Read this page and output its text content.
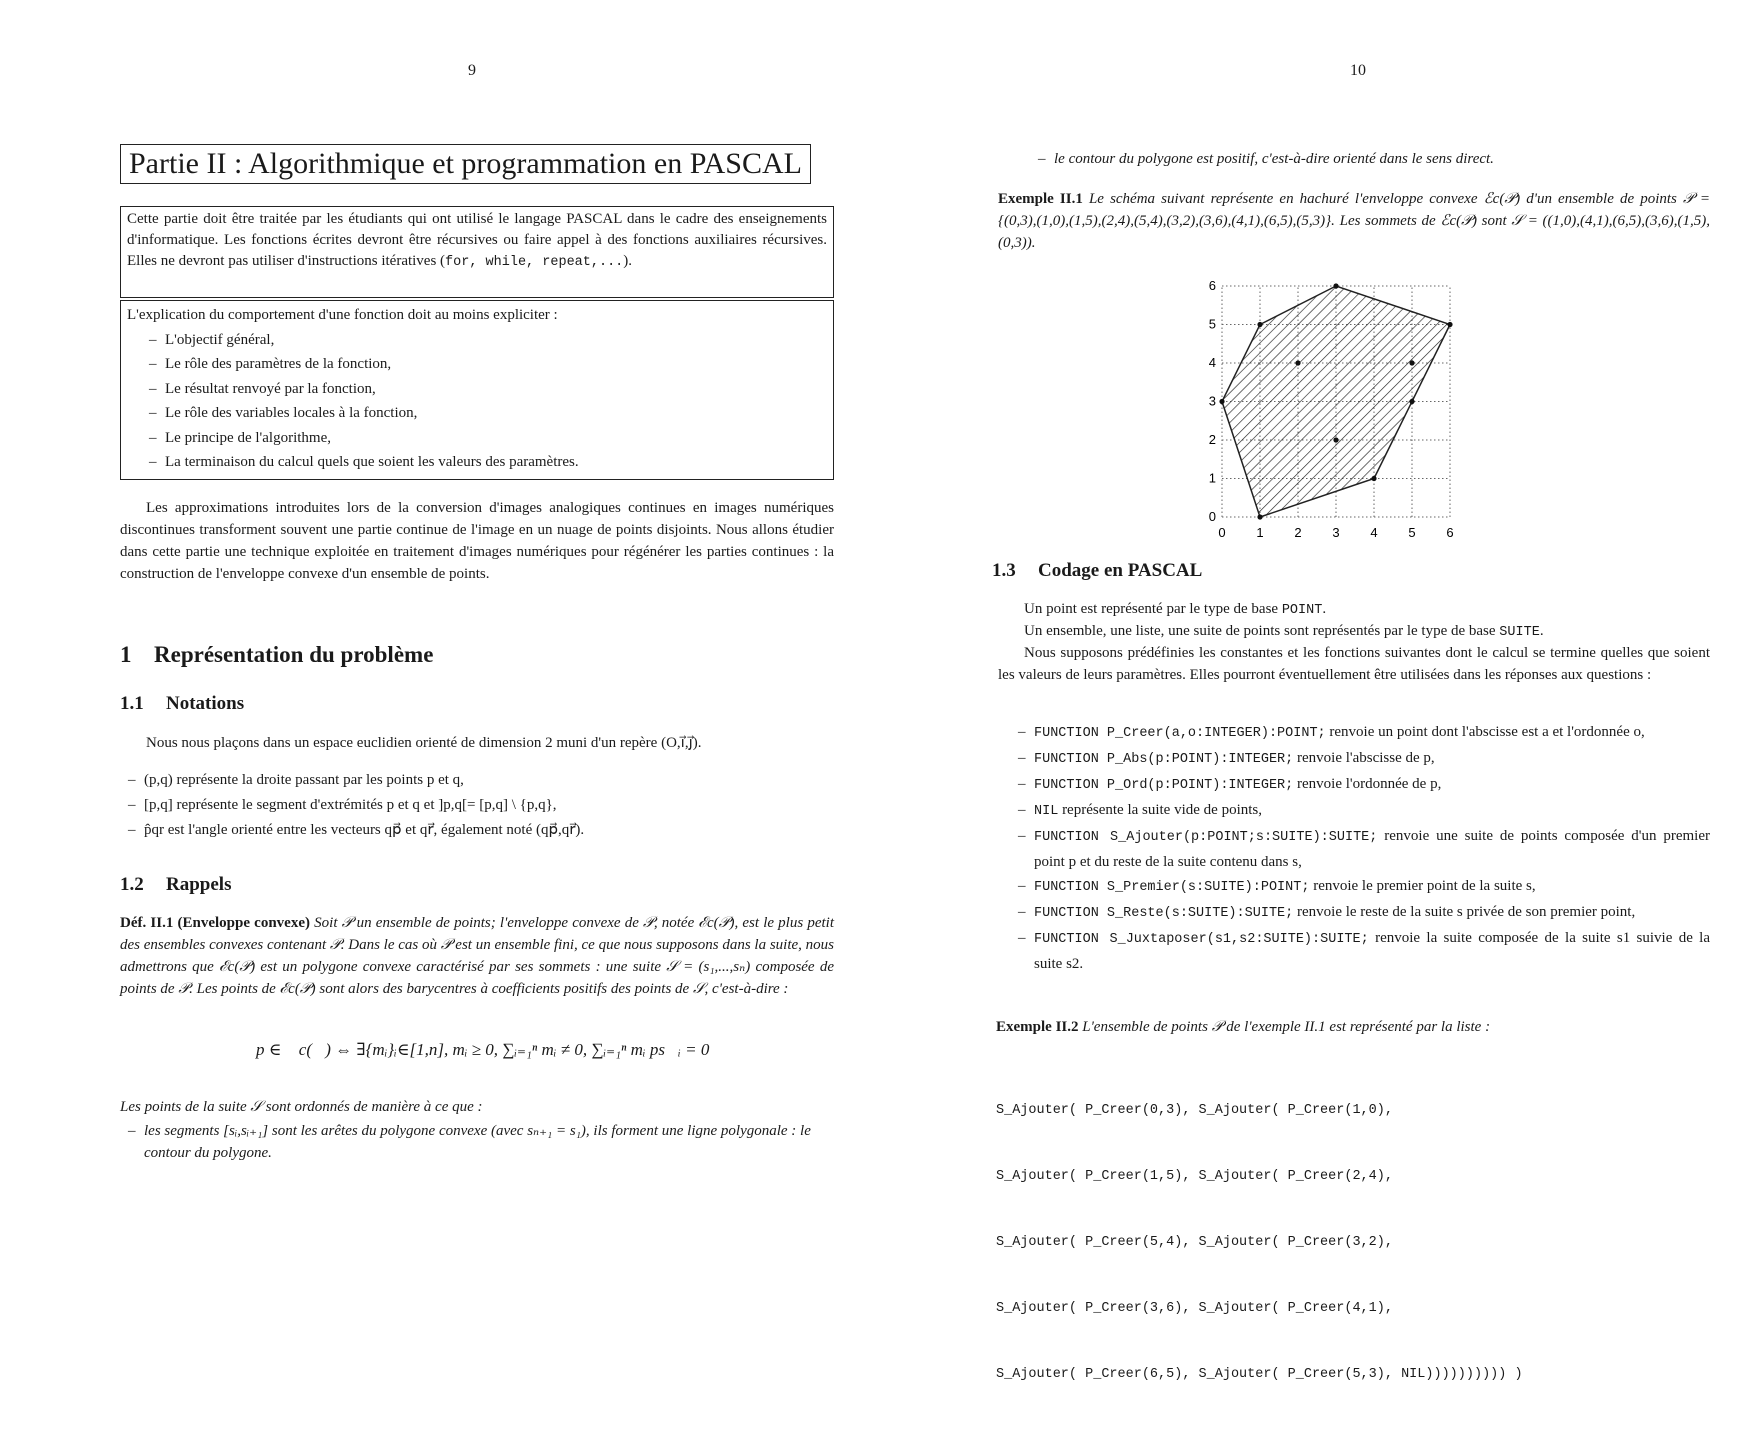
9
Partie II : Algorithmique et programmation en PASCAL
Cette partie doit être traitée par les étudiants qui ont utilisé le langage PASCAL dans le cadre des enseignements d'informatique. Les fonctions écrites devront être récursives ou faire appel à des fonctions auxiliaires récursives. Elles ne devront pas utiliser d'instructions itératives (for, while, repeat,...).
L'explication du comportement d'une fonction doit au moins expliciter :
– L'objectif général,
– Le rôle des paramètres de la fonction,
– Le résultat renvoyé par la fonction,
– Le rôle des variables locales à la fonction,
– Le principe de l'algorithme,
– La terminaison du calcul quels que soient les valeurs des paramètres.
Les approximations introduites lors de la conversion d'images analogiques continues en images numériques discontinues transforment souvent une partie continue de l'image en un nuage de points disjoints. Nous allons étudier dans cette partie une technique exploitée en traitement d'images numériques pour régénérer les parties continues : la construction de l'enveloppe convexe d'un ensemble de points.
1 Représentation du problème
1.1 Notations
Nous nous plaçons dans un espace euclidien orienté de dimension 2 muni d'un repère (O,i⃗,j⃗).
– (p,q) représente la droite passant par les points p et q,
– [p,q] représente le segment d'extrémités p et q et ]p,q[= [p,q] \ {p,q},
– p̂qr est l'angle orienté entre les vecteurs qp⃗ et qr⃗, également noté (qp⃗,qr⃗).
1.2 Rappels
Déf. II.1 (Enveloppe convexe) Soit 𝒫 un ensemble de points; l'enveloppe convexe de 𝒫, notée ℰc(𝒫), est le plus petit des ensembles convexes contenant 𝒫. Dans le cas où 𝒫 est un ensemble fini, ce que nous supposons dans la suite, nous admettrons que ℰc(𝒫) est un polygone convexe caractérisé par ses sommets : une suite 𝒮 = (s₁,...,sₙ) composée de points de 𝒫. Les points de ℰc(𝒫) sont alors des barycentres à coefficients positifs des points de 𝒮, c'est-à-dire :
p ∈ ℰc(𝒫) ⇔ ∃{mᵢ}ᵢ∈[1,n], mᵢ ≥ 0, ∑ᵢ₌₁ⁿ mᵢ ≠ 0, ∑ᵢ₌₁ⁿ mᵢ ps⃗ᵢ = 0⃗
Les points de la suite 𝒮 sont ordonnés de manière à ce que :
– les segments [sᵢ,sᵢ₊₁] sont les arêtes du polygone convexe (avec sₙ₊₁ = s₁), ils forment une ligne polygonale : le contour du polygone.
10
– le contour du polygone est positif, c'est-à-dire orienté dans le sens direct.
Exemple II.1 Le schéma suivant représente en hachuré l'enveloppe convexe ℰc(𝒫) d'un ensemble de points 𝒫 = {(0,3),(1,0),(1,5),(2,4),(5,4),(3,2),(3,6),(4,1),(6,5),(5,3)}. Les sommets de ℰc(𝒫) sont 𝒮 = ((1,0),(4,1),(6,5),(3,6),(1,5),(0,3)).
0 1 2 3 4 5 6
0
1
2
3
4
5
6
1.3 Codage en PASCAL
Un point est représenté par le type de base POINT.
Un ensemble, une liste, une suite de points sont représentés par le type de base SUITE.
Nous supposons prédéfinies les constantes et les fonctions suivantes dont le calcul se termine quelles que soient les valeurs de leurs paramètres. Elles pourront éventuellement être utilisées dans les réponses aux questions :
– FUNCTION P_Creer(a,o:INTEGER):POINT; renvoie un point dont l'abscisse est a et l'ordonnée o,
– FUNCTION P_Abs(p:POINT):INTEGER; renvoie l'abscisse de p,
– FUNCTION P_Ord(p:POINT):INTEGER; renvoie l'ordonnée de p,
– NIL représente la suite vide de points,
– FUNCTION S_Ajouter(p:POINT;s:SUITE):SUITE; renvoie une suite de points composée d'un premier point p et du reste de la suite contenu dans s,
– FUNCTION S_Premier(s:SUITE):POINT; renvoie le premier point de la suite s,
– FUNCTION S_Reste(s:SUITE):SUITE; renvoie le reste de la suite s privée de son premier point,
– FUNCTION S_Juxtaposer(s1,s2:SUITE):SUITE; renvoie la suite composée de la suite s1 suivie de la suite s2.
Exemple II.2 L'ensemble de points 𝒫 de l'exemple II.1 est représenté par la liste :

S_Ajouter( P_Creer(0,3), S_Ajouter( P_Creer(1,0),

S_Ajouter( P_Creer(1,5), S_Ajouter( P_Creer(2,4),

S_Ajouter( P_Creer(5,4), S_Ajouter( P_Creer(3,2),

S_Ajouter( P_Creer(3,6), S_Ajouter( P_Creer(4,1),

S_Ajouter( P_Creer(6,5), S_Ajouter( P_Creer(5,3), NIL)))))))))) )
